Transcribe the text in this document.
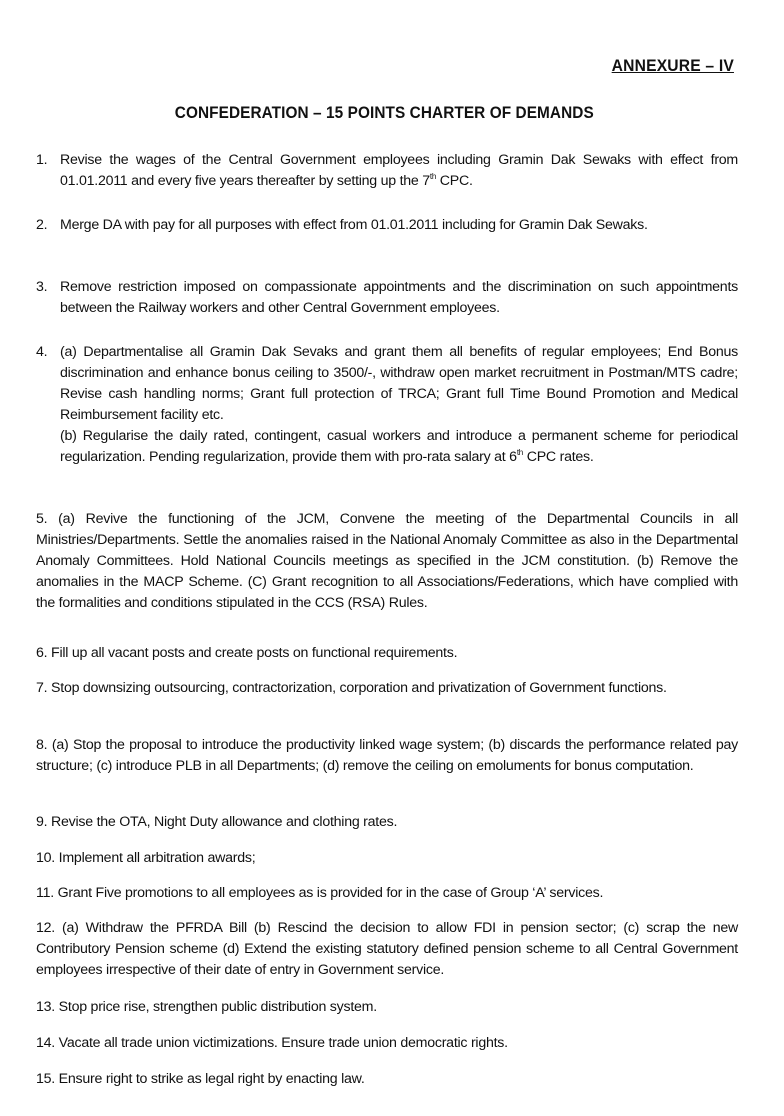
ANNEXURE – IV
CONFEDERATION – 15 POINTS CHARTER OF DEMANDS
1. Revise the wages of the Central Government employees including Gramin Dak Sewaks with effect from 01.01.2011 and every five years thereafter by setting up the 7th CPC.
2. Merge DA with pay for all purposes with effect from 01.01.2011 including for Gramin Dak Sewaks.
3. Remove restriction imposed on compassionate appointments and the discrimination on such appointments between the Railway workers and other Central Government employees.
4. (a) Departmentalise all Gramin Dak Sevaks and grant them all benefits of regular employees; End Bonus discrimination and enhance bonus ceiling to 3500/-, withdraw open market recruitment in Postman/MTS cadre; Revise cash handling norms; Grant full protection of TRCA; Grant full Time Bound Promotion and Medical Reimbursement facility etc.
(b) Regularise the daily rated, contingent, casual workers and introduce a permanent scheme for periodical regularization. Pending regularization, provide them with pro-rata salary at 6th CPC rates.
5. (a) Revive the functioning of the JCM, Convene the meeting of the Departmental Councils in all Ministries/Departments. Settle the anomalies raised in the National Anomaly Committee as also in the Departmental Anomaly Committees. Hold National Councils meetings as specified in the JCM constitution. (b) Remove the anomalies in the MACP Scheme. (C) Grant recognition to all Associations/Federations, which have complied with the formalities and conditions stipulated in the CCS (RSA) Rules.
6. Fill up all vacant posts and create posts on functional requirements.
7. Stop downsizing outsourcing, contractorization, corporation and privatization of Government functions.
8. (a) Stop the proposal to introduce the productivity linked wage system; (b) discards the performance related pay structure; (c) introduce PLB in all Departments; (d) remove the ceiling on emoluments for bonus computation.
9. Revise the OTA, Night Duty allowance and clothing rates.
10. Implement all arbitration awards;
11. Grant Five promotions to all employees as is provided for in the case of Group ‘A’ services.
12. (a) Withdraw the PFRDA Bill (b) Rescind the decision to allow FDI in pension sector; (c) scrap the new Contributory Pension scheme (d) Extend the existing statutory defined pension scheme to all Central Government employees irrespective of their date of entry in Government service.
13. Stop price rise, strengthen public distribution system.
14. Vacate all trade union victimizations. Ensure trade union democratic rights.
15. Ensure right to strike as legal right by enacting law.
